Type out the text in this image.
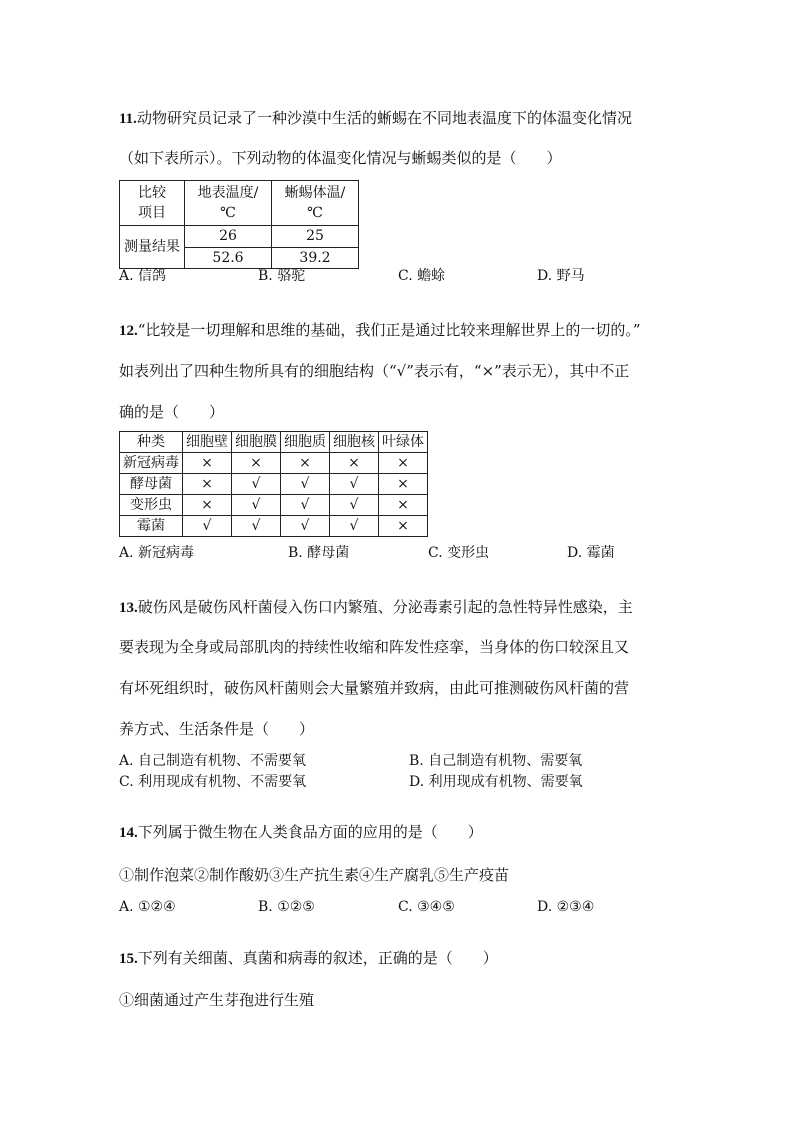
11.动物研究员记录了一种沙漠中生活的蜥蜴在不同地表温度下的体温变化情况
（如下表所示）。下列动物的体温变化情况与蜥蜴类似的是（　　）
比较项目	地表温度/℃	蜥蜴体温/℃
测量结果	26	25
	52.6	39.2
A. 信鸽	B. 骆驼	C. 蟾蜍	D. 野马
12.“比较是一切理解和思维的基础，我们正是通过比较来理解世界上的一切的。”
如表列出了四种生物所具有的细胞结构（“√”表示有，“×”表示无），其中不正
确的是（　　）
种类	细胞壁	细胞膜	细胞质	细胞核	叶绿体
新冠病毒	×	×	×	×	×
酵母菌	×	√	√	√	×
变形虫	×	√	√	√	×
霉菌	√	√	√	√	×
A. 新冠病毒	B. 酵母菌	C. 变形虫	D. 霉菌
13.破伤风是破伤风杆菌侵入伤口内繁殖、分泌毒素引起的急性特异性感染，主
要表现为全身或局部肌肉的持续性收缩和阵发性痉挛，当身体的伤口较深且又
有坏死组织时，破伤风杆菌则会大量繁殖并致病，由此可推测破伤风杆菌的营
养方式、生活条件是（　　）
A. 自己制造有机物、不需要氧	B. 自己制造有机物、需要氧
C. 利用现成有机物、不需要氧	D. 利用现成有机物、需要氧
14.下列属于微生物在人类食品方面的应用的是（　　）
①制作泡菜②制作酸奶③生产抗生素④生产腐乳⑤生产疫苗
A. ①②④	B. ①②⑤	C. ③④⑤	D. ②③④
15.下列有关细菌、真菌和病毒的叙述，正确的是（　　）
①细菌通过产生芽孢进行生殖
